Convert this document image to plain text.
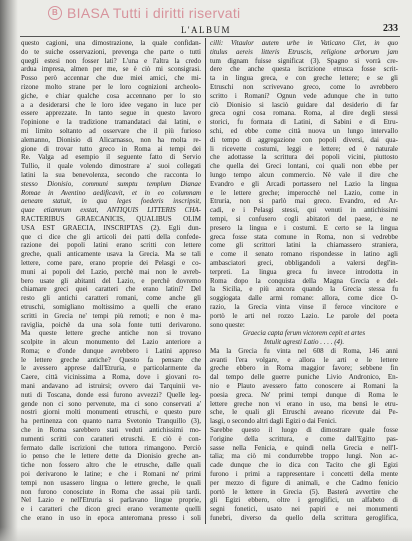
B BIASA Tutti i diritti riservati
L'ALBUM	233
questo cagioni, una dimostrazione, la quale confidan-
do te suiche osservazioni, prevenga che parte o tutti
quegli estesi non fosser lati? L'una e l'altra la credo
ardua impresa, almen per me, se è ciò mi sconsigrasi.
Posso però accennar che due miei amici, che mi-
rizone molto strane per le loro cognizioni archeolo-
giche, e chiar qualche cosa accennano per lo sto
a a desiderarsi che le loro idee vegano in luce per
essere apprezzate. In tanto segue in questo lavoro
l'opinione e la tradizione tramandataci dai latini, e
mi limito soltanto ad osservare che il più furioso
alemanno, Dionisio di Alicarnasso, non ha molta re-
gione di trovar tutto greco in Roma ai tempi dei
Re. Valga ad esempio il seguente fatto di Servio
Tullio, il quale volendo dimostrare a' suoi collegati
latini la sua benevolenza, secondo che racconta lo
stesso Dionisio, communi sumptu templum Dianae
Romae in Aventino aedificavit, et in eo columnam
aeneam statuit, in qua leges foederis inscripsit,
quae etiamnum exstat, ANTIQUIS LITTERIS CHA-
RACTERIBUS GRAECANICIS, QUALIBUS OLIM
USA EST GRAECIA, INSCRIPTAS (2). Egli dun-
que ci dice che gli articoli dei patti della confede-
razione dei popoli latini erano scritti con lettere
greche, quali anticamente usava la Grecia. Ma se tali
lettere, come pare, erano proprie dei Pelasgi e co-
muni ai popoli del Lazio, perchè mai non le avreb-
bero usate gli abitanti del Lazio, e perchè dovremo
chiamare greci quei caratteri che erano latini? Del
resto gli antichi caratteri romani, come anche gli
etruschi, somigliano moltissimo a quelli che erano
scritti in Grecia ne' tempi più remoti; e non è ma-
raviglia, poichè da una sola fonte tutti derivarono.
Ma queste lettere greche antiche non si trovano
scolpite in alcun monumento del Lazio anteriore a
Roma; e d'onde dunque avrebbero i Latini appreso
le lettere greche antiche? Questo fa pensare che
le avessero apprese dall'Etruria, e particolarmente da
Caere, città vicinissima a Roma, dove i giovani ro-
mani andavano ad istruirsi; ovvero dai Tarquinii ve-
nuti di Toscana, donde essi furono avvezzi? Quelle leg-
gende non ci sono pervenute, ma ci sono conservati a'
nostri giorni molti monumenti etruschi, e questo pure
ha pertinenza con quanto narra Svetonio Tranquillo (3),
che in Roma sarebbero stati veduti antichissimi mo-
numenti scritti con caratteri etruschi. E ciò è con-
fermato dalle iscrizioni che tuttora rimangono. Perciò
io penso che le lettere dette da Dionisio greche an-
tiche non fossero altro che le etrusche, dalle quali
poi derivarono le latine; e che i Romani ne' primi
tempi non usassero lingua o lettere greche, le quali
non furono conosciute in Roma che assai più tardi.
Nel Lazio e nell'Etruria si parlavano lingue proprie,
e i caratteri che dicon greci erano veramente quelli
che erano in uso in epoca anteromana presso i soli
cilli: Vitaulor autem urbe in Vaticano Clet, in quo
titulus aereis litteris Etruscis, religione arborum jam
tum dignam fuisse significat (3). Spagno si vorrà cre-
dere che anche questa iscrizione etrusca fosse scrit-
ta in lingua greca, e con greche lettere; e se gli
Etruschi non scrivevano greco, come lo avrebbero
scritto i Romani? Ognun vede adunque che in tutto
ciò Dionisio si lasciò guidare dal desiderio di far
greca ogni cosa romana. Roma, al dire degli stessi
storici, fu formata di Latini, di Sabini e di Etru-
schi, ed ebbe come città nuova un lungo intervallo
di tempo di aggregazione con popoli diversi, dai qua-
li ricevette costumi, leggi e lettere; ed è naturale
che adottasse la scrittura dei popoli vicini, piuttosto
che quella dei Greci lontani, coi quali non ebbe per
lungo tempo alcun commercio. Nè vale il dire che
Evandro e gli Arcadi portassero nel Lazio la lingua
e le lettere greche; imperocchè nel Lazio, come in
Etruria, non si parlò mai greco. Evandro, ed Ar-
cadi, e i Pelasgi stessi, qui venuti in antichissimi
tempi, si confusero cogli abitatori del paese, e ne
presero la lingua e i costumi. E certo se la lingua
greca fosse stata comune in Roma, non si vedrebbe
come gli scrittori latini la chiamassero straniera,
e come il senato romano rispondesse in latino agli
ambasciatori greci, obbligandoli a valersi degl'in-
terpreti. La lingua greca fu invece introdotta in
Roma dopo la conquista della Magna Grecia e del-
la Sicilia, e più ancora quando la Grecia stessa fu
soggiogata dalle armi romane: allora, come dice O-
razio, la Grecia vinta vinse il feroce vincitore e
portò le arti nel rozzo Lazio. Le parole del poeta
sono queste:
Graecia capta ferum victorem cepit et artes
Intulit agresti Latio . . . . (4).
Ma la Grecia fu vinta nel 608 di Roma, 146 anni
avanti l'era volgare, e allora le arti e le lettere
greche ebbero in Roma maggior favore; sebbene fin
dal tempo delle guerre puniche Livio Andronico, En-
nio e Plauto avessero fatto conoscere ai Romani la
poesia greca. Ne' primi tempi dunque di Roma le
lettere greche non vi erano in uso, ma bensì le etru-
sche, le quali gli Etruschi aveano ricevute dai Pe-
lasgi, o secondo altri dagli Egizi o dai Fenici.
Sarebbe questo il luogo di dimostrare quale fosse
l'origine della scrittura, e come dall'Egitto pas-
sasse nella Fenicia, e quindi nella Grecia e nell'I-
talia; ma ciò mi condurrebbe troppo lungi. Non ac-
cade dunque che io dica con Tacito che gli Egizi
furono i primi a rappresentare i concetti della mente
per mezzo di figure di animali, e che Cadmo fenicio
portò le lettere in Grecia (5). Basterà avvertire che
gli Egizi ebbero, oltre i geroglifici, un alfabeto di
segni fonetici, usato nei papiri e nei monumenti
funebri, diverso da quello della scrittura geroglifica,
